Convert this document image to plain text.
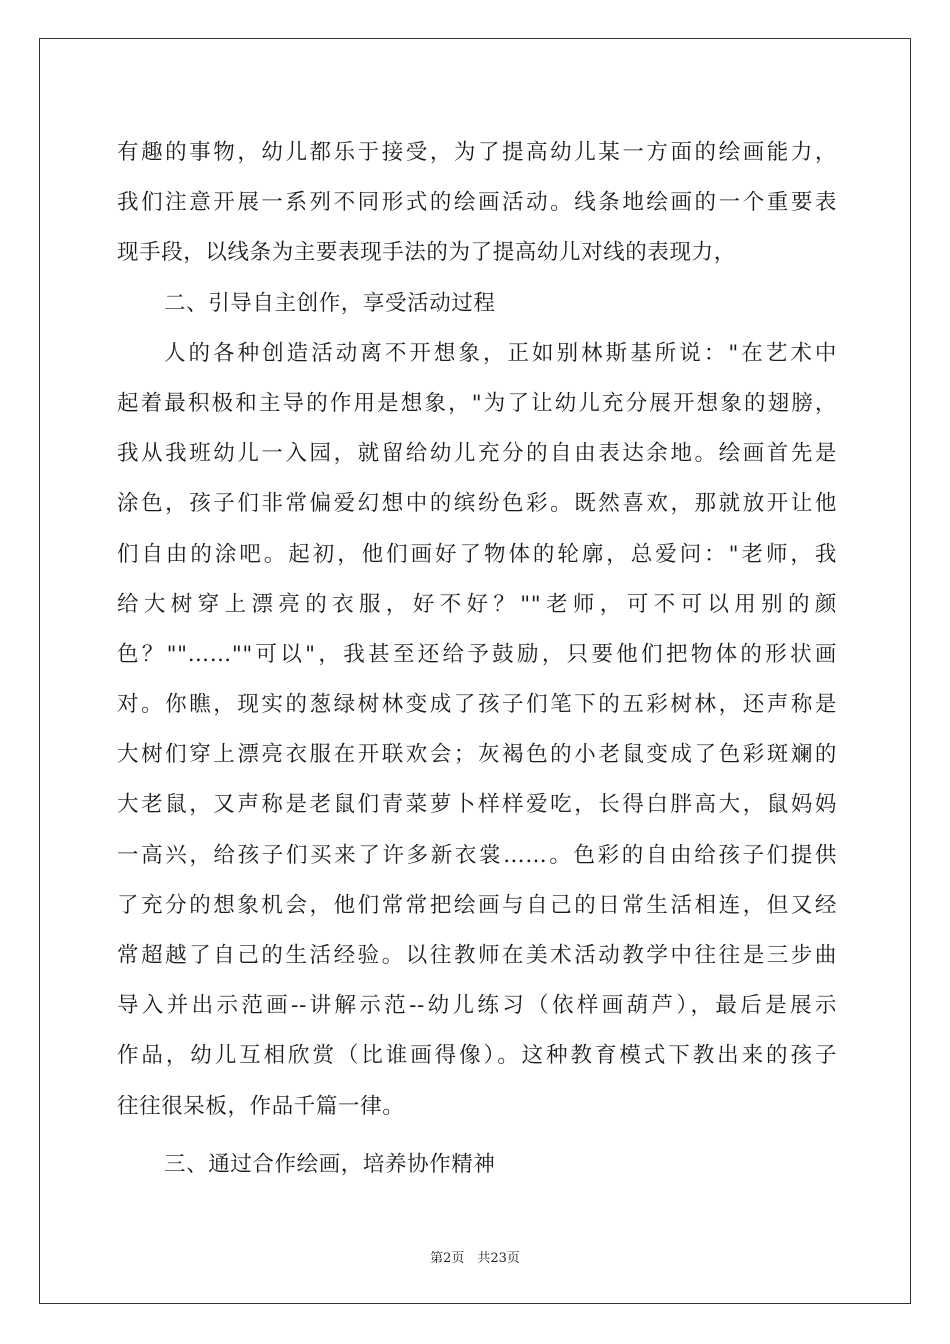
有趣的事物，幼儿都乐于接受，为了提高幼儿某一方面的绘画能力，
我们注意开展一系列不同形式的绘画活动。线条地绘画的一个重要表
现手段，以线条为主要表现手法的为了提高幼儿对线的表现力，
二、引导自主创作，享受活动过程
人的各种创造活动离不开想象，正如别林斯基所说："在艺术中
起着最积极和主导的作用是想象，"为了让幼儿充分展开想象的翅膀，
我从我班幼儿一入园，就留给幼儿充分的自由表达余地。绘画首先是
涂色，孩子们非常偏爱幻想中的缤纷色彩。既然喜欢，那就放开让他
们自由的涂吧。起初，他们画好了物体的轮廓，总爱问："老师，我
给大树穿上漂亮的衣服，好不好？""老师，可不可以用别的颜
色？""……""可以"，我甚至还给予鼓励，只要他们把物体的形状画
对。你瞧，现实的葱绿树林变成了孩子们笔下的五彩树林，还声称是
大树们穿上漂亮衣服在开联欢会；灰褐色的小老鼠变成了色彩斑斓的
大老鼠，又声称是老鼠们青菜萝卜样样爱吃，长得白胖高大，鼠妈妈
一高兴，给孩子们买来了许多新衣裳……。色彩的自由给孩子们提供
了充分的想象机会，他们常常把绘画与自己的日常生活相连，但又经
常超越了自己的生活经验。以往教师在美术活动教学中往往是三步曲
导入并出示范画--讲解示范--幼儿练习（依样画葫芦），最后是展示
作品，幼儿互相欣赏（比谁画得像）。这种教育模式下教出来的孩子
往往很呆板，作品千篇一律。
三、通过合作绘画，培养协作精神
第2页　共23页
